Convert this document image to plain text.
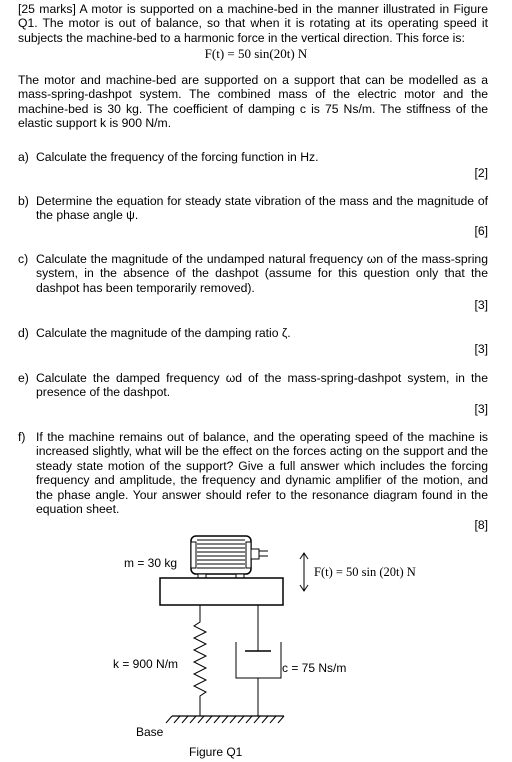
[25 marks] A motor is supported on a machine-bed in the manner illustrated in Figure Q1. The motor is out of balance, so that when it is rotating at its operating speed it subjects the machine-bed to a harmonic force in the vertical direction. This force is:
F(t) = 50 sin(20t) N
The motor and machine-bed are supported on a support that can be modelled as a mass-spring-dashpot system. The combined mass of the electric motor and the machine-bed is 30 kg. The coefficient of damping c is 75 Ns/m. The stiffness of the elastic support k is 900 N/m.
a) Calculate the frequency of the forcing function in Hz.
[2]
b) Determine the equation for steady state vibration of the mass and the magnitude of the phase angle ψ.
[6]
c) Calculate the magnitude of the undamped natural frequency ωn of the mass-spring system, in the absence of the dashpot (assume for this question only that the dashpot has been temporarily removed).
[3]
d) Calculate the magnitude of the damping ratio ζ.
[3]
e) Calculate the damped frequency ωd of the mass-spring-dashpot system, in the presence of the dashpot.
[3]
f) If the machine remains out of balance, and the operating speed of the machine is increased slightly, what will be the effect on the forces acting on the support and the steady state motion of the support? Give a full answer which includes the forcing frequency and amplitude, the frequency and dynamic amplifier of the motion, and the phase angle. Your answer should refer to the resonance diagram found in the equation sheet.
[8]
m = 30 kg
F(t) = 50 sin (20t) N
k = 900 N/m	c = 75 Ns/m
Base
Figure Q1
